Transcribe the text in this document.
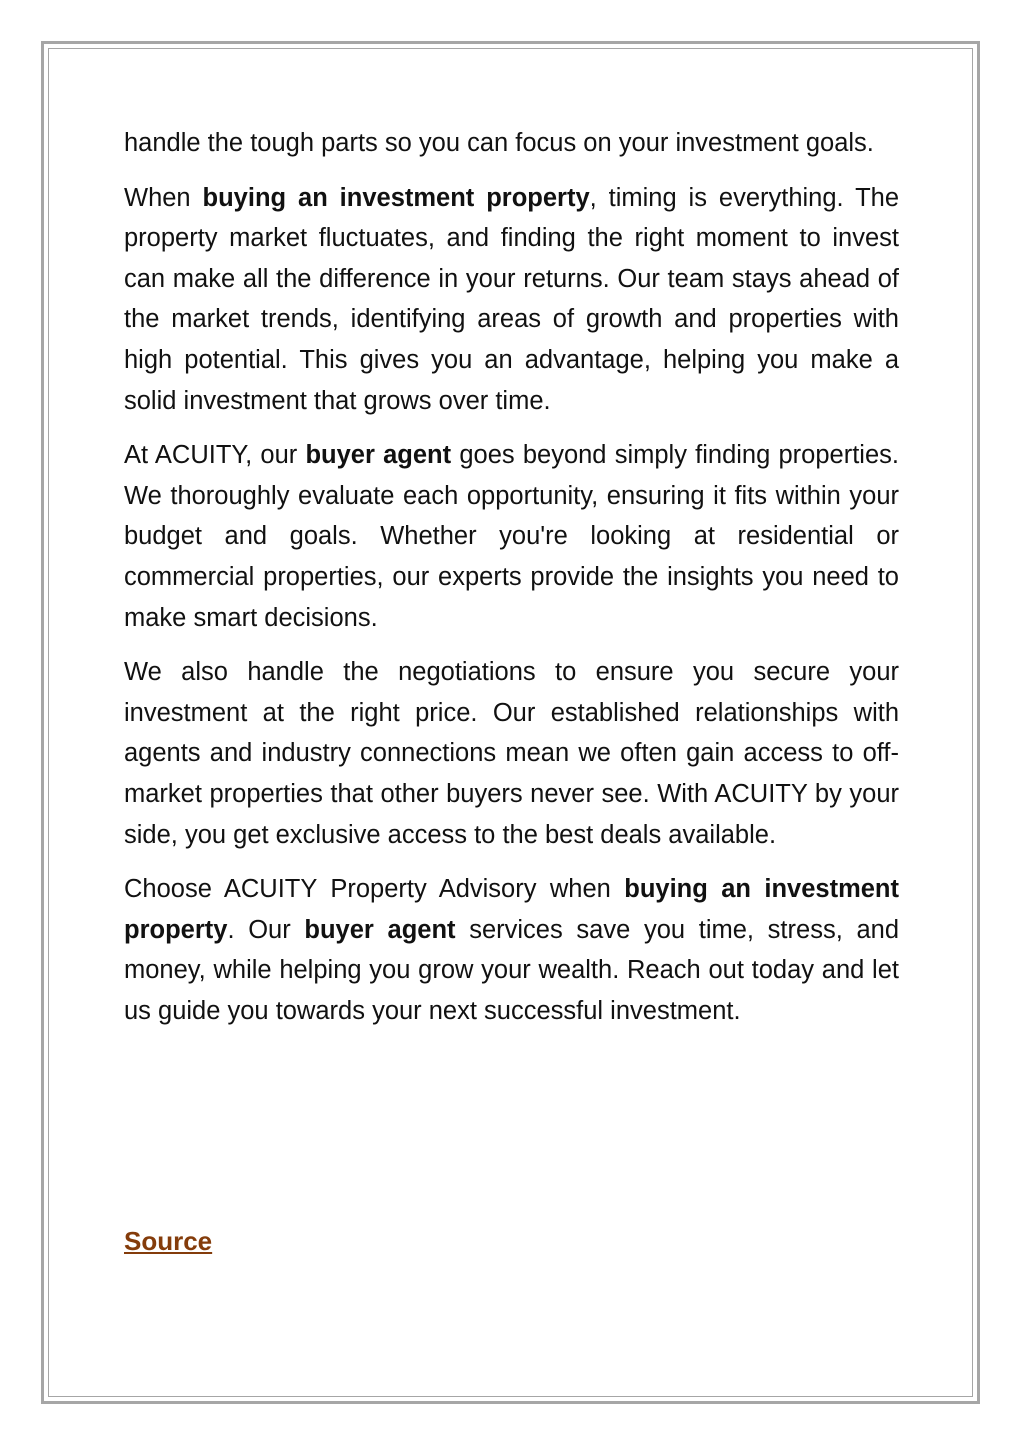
handle the tough parts so you can focus on your investment goals.

When buying an investment property, timing is everything. The property market fluctuates, and finding the right moment to invest can make all the difference in your returns. Our team stays ahead of the market trends, identifying areas of growth and properties with high potential. This gives you an advantage, helping you make a solid investment that grows over time.

At ACUITY, our buyer agent goes beyond simply finding properties. We thoroughly evaluate each opportunity, ensuring it fits within your budget and goals. Whether you're looking at residential or commercial properties, our experts provide the insights you need to make smart decisions.

We also handle the negotiations to ensure you secure your investment at the right price. Our established relationships with agents and industry connections mean we often gain access to off-market properties that other buyers never see. With ACUITY by your side, you get exclusive access to the best deals available.

Choose ACUITY Property Advisory when buying an investment property. Our buyer agent services save you time, stress, and money, while helping you grow your wealth. Reach out today and let us guide you towards your next successful investment.

Source
